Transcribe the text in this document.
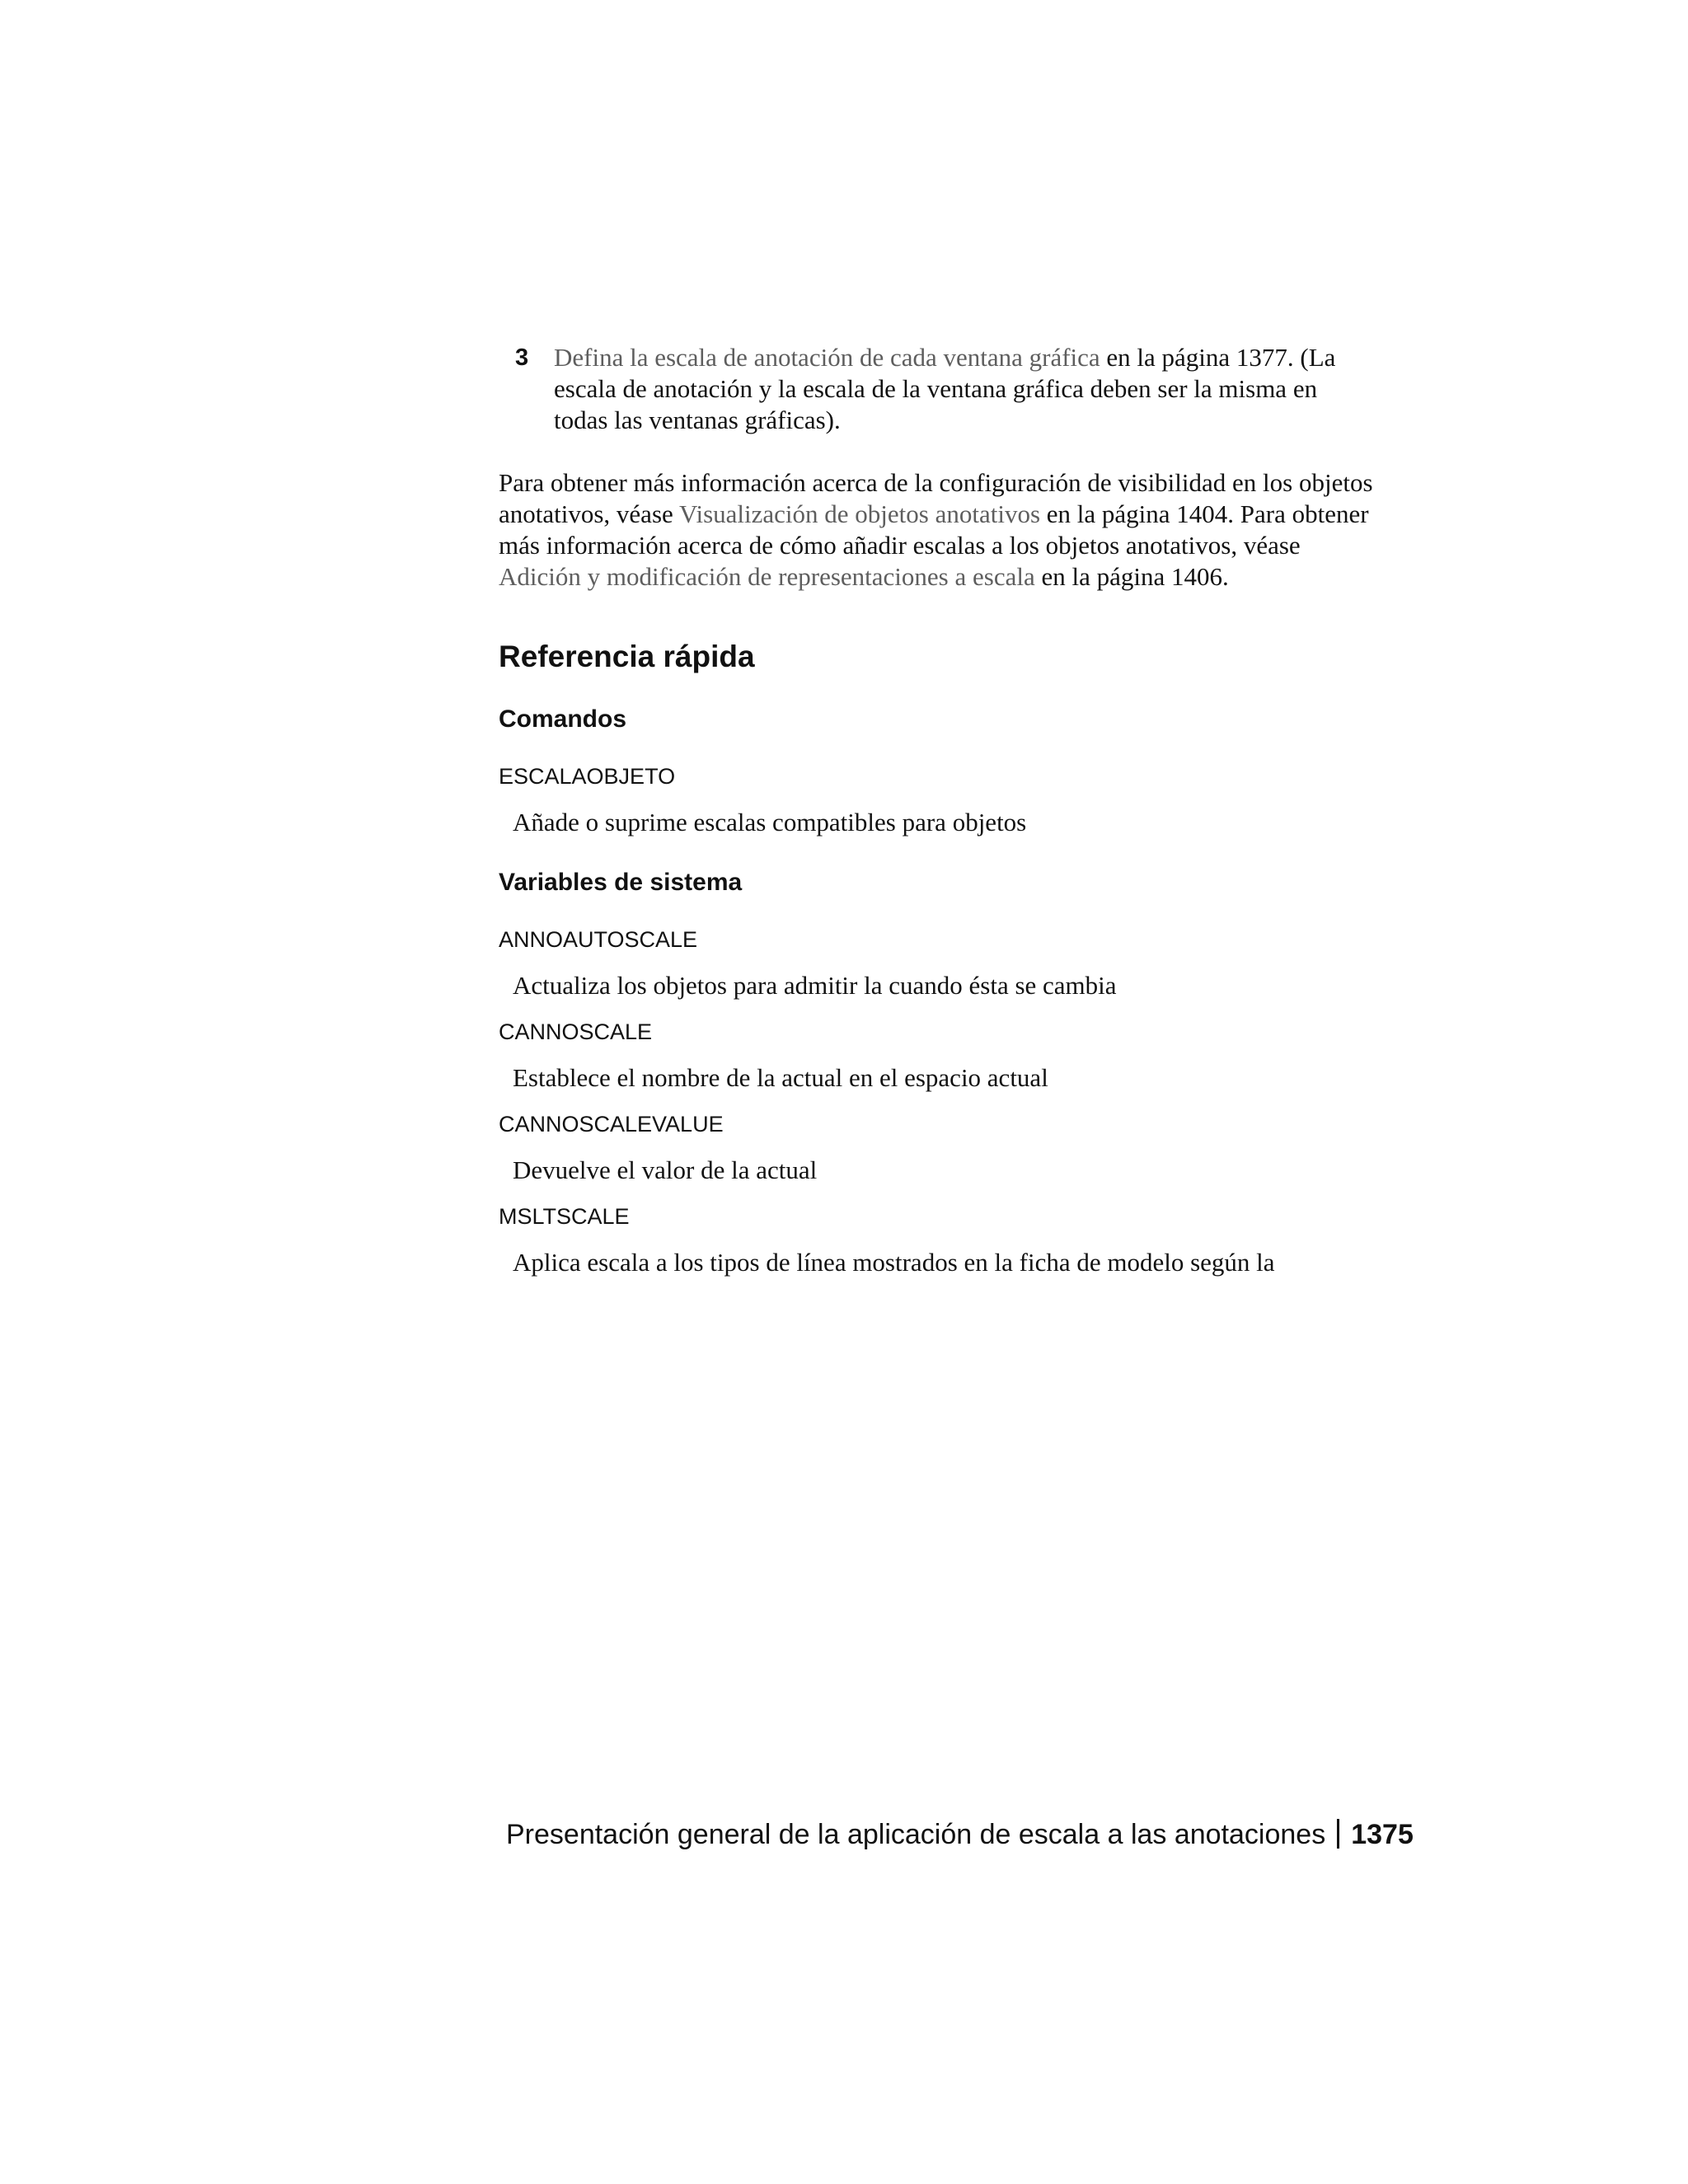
3 Defina la escala de anotación de cada ventana gráfica en la página 1377. (La escala de anotación y la escala de la ventana gráfica deben ser la misma en todas las ventanas gráficas).
Para obtener más información acerca de la configuración de visibilidad en los objetos anotativos, véase Visualización de objetos anotativos en la página 1404. Para obtener más información acerca de cómo añadir escalas a los objetos anotativos, véase Adición y modificación de representaciones a escala en la página 1406.
Referencia rápida
Comandos
ESCALAOBJETO
Añade o suprime escalas compatibles para objetos
Variables de sistema
ANNOAUTOSCALE
Actualiza los objetos para admitir la cuando ésta se cambia
CANNOSCALE
Establece el nombre de la actual en el espacio actual
CANNOSCALEVALUE
Devuelve el valor de la actual
MSLTSCALE
Aplica escala a los tipos de línea mostrados en la ficha de modelo según la
Presentación general de la aplicación de escala a las anotaciones 1375
